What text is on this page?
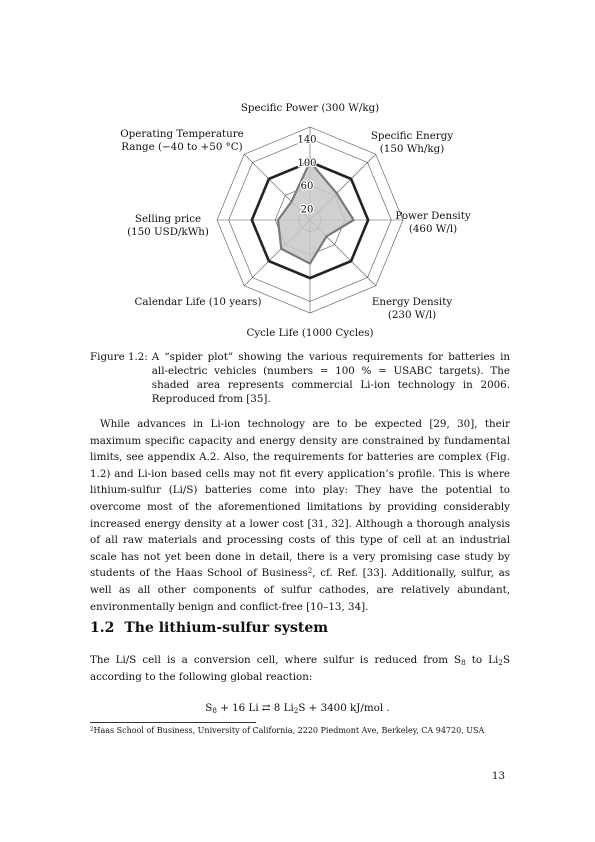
20
60
100
140
Specific Power (300 W/kg)
Specific Energy (150 Wh/kg)
Power Density (460 W/l)
Energy Density (230 W/l)
Cycle Life (1000 Cycles)
Calendar Life (10 years)
Selling price (150 USD/kWh)
Operating Temperature Range (−40 to +50 °C)
Figure 1.2: A “spider plot” showing the various requirements for batteries in all-electric vehicles (numbers = 100 % = USABC targets). The shaded area represents commercial Li-ion technology in 2006. Reproduced from [35].

While advances in Li-ion technology are to be expected [29, 30], their maximum specific capacity and energy density are constrained by fundamental limits, see appendix A.2. Also, the requirements for batteries are complex (Fig. 1.2) and Li-ion based cells may not fit every application’s profile. This is where lithium-sulfur (Li/S) batteries come into play: They have the potential to overcome most of the aforementioned limitations by providing considerably increased energy density at a lower cost [31, 32]. Although a thorough analysis of all raw materials and processing costs of this type of cell at an industrial scale has not yet been done in detail, there is a very promising case study by students of the Haas School of Business$^2$, cf. Ref. [33]. Additionally, sulfur, as well as all other components of sulfur cathodes, are relatively abundant, environmentally benign and conflict-free [10–13, 34].

1.2 The lithium-sulfur system

The Li/S cell is a conversion cell, where sulfur is reduced from $S_8$ to $Li_2S$ according to the following global reaction:

$S_8 + 16$ Li ⇄ 8 $Li_2S + 3400$ kJ/mol .
$^2$Haas School of Business, University of California, 2220 Piedmont Ave, Berkeley, CA 94720, USA
13
